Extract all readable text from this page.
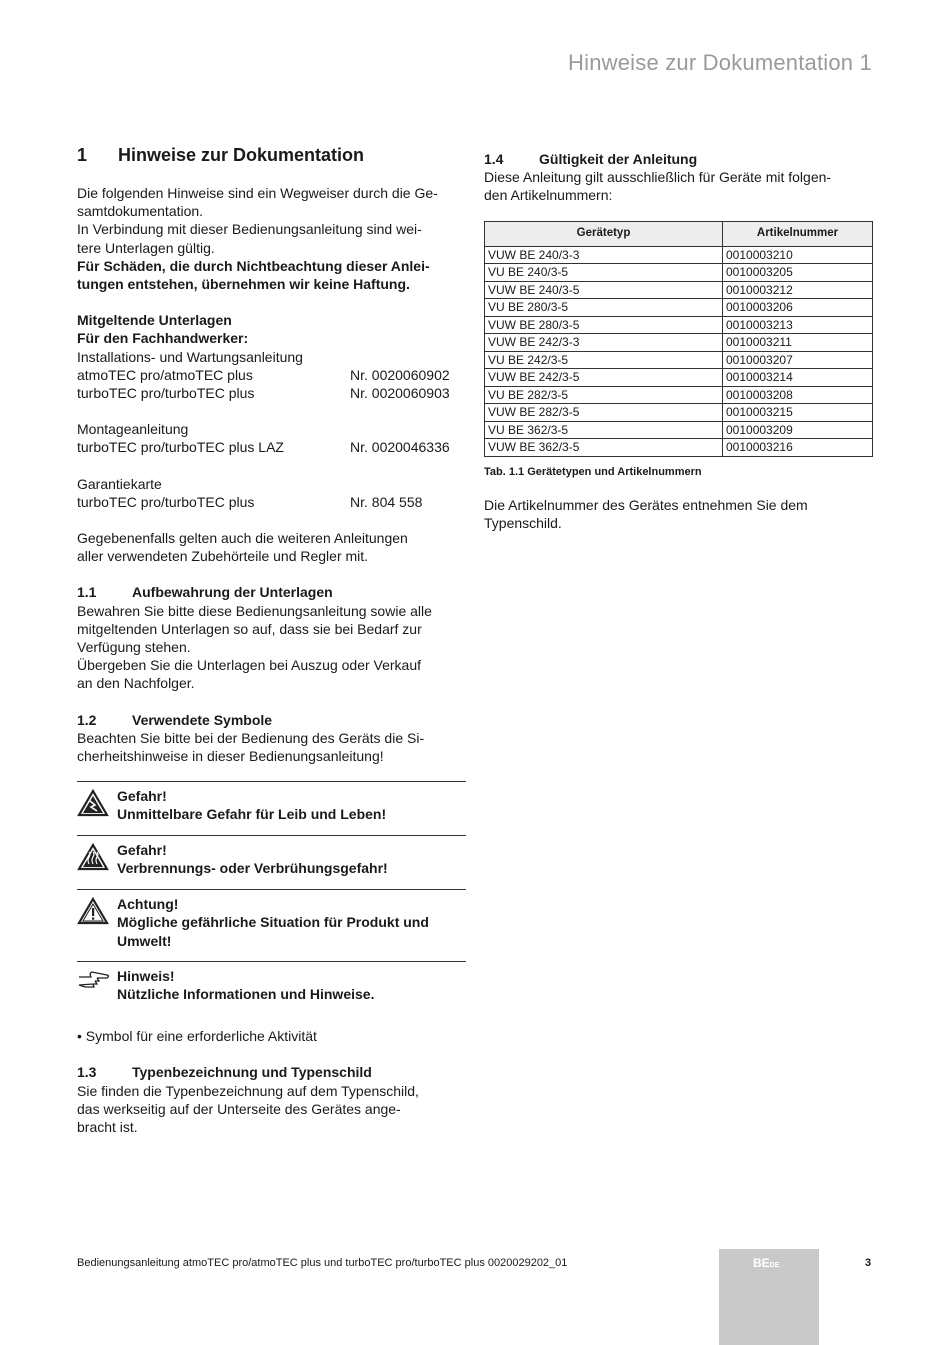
Hinweise zur Dokumentation 1
1	Hinweise zur Dokumentation

Die folgenden Hinweise sind ein Wegweiser durch die Ge-

samtdokumentation.

In Verbindung mit dieser Bedienungsanleitung sind wei-

tere Unterlagen gültig.

Für Schäden, die durch Nichtbeachtung dieser Anlei-

tungen entstehen, übernehmen wir keine Haftung.

Mitgeltende Unterlagen

Für den Fachhandwerker:

Installations- und Wartungsanleitung

atmoTEC pro/atmoTEC plus	Nr. 0020060902
turboTEC pro/turboTEC plus	Nr. 0020060903

Montageanleitung

turboTEC pro/turboTEC plus LAZ	Nr. 0020046336

Garantiekarte

turboTEC pro/turboTEC plus	Nr. 804 558

Gegebenenfalls gelten auch die weiteren Anleitungen

aller verwendeten Zubehörteile und Regler mit.

1.1	Aufbewahrung der Unterlagen

Bewahren Sie bitte diese Bedienungsanleitung sowie alle

mitgeltenden Unterlagen so auf, dass sie bei Bedarf zur

Verfügung stehen.

Übergeben Sie die Unterlagen bei Auszug oder Verkauf

an den Nachfolger.

1.2	Verwendete Symbole

Beachten Sie bitte bei der Bedienung des Geräts die Si-

cherheitshinweise in dieser Bedienungsanleitung!

Gefahr!
Unmittelbare Gefahr für Leib und Leben!
Gefahr!
Verbrennungs- oder Verbrühungsgefahr!
Achtung!
Mögliche gefährliche Situation für Produkt und
Umwelt!
Hinweis!
Nützliche Informationen und Hinweise.

• Symbol für eine erforderliche Aktivität

1.3	Typenbezeichnung und Typenschild

Sie finden die Typenbezeichnung auf dem Typenschild,

das werkseitig auf der Unterseite des Gerätes ange-

bracht ist.

1.4	Gültigkeit der Anleitung

Diese Anleitung gilt ausschließlich für Geräte mit folgen-

den Artikelnummern:

Gerätetyp	Artikelnummer
VUW BE 240/3-3	0010003210
VU BE 240/3-5	0010003205
VUW BE 240/3-5	0010003212
VU BE 280/3-5	0010003206
VUW BE 280/3-5	0010003213
VUW BE 242/3-3	0010003211
VU BE 242/3-5	0010003207
VUW BE 242/3-5	0010003214
VU BE 282/3-5	0010003208
VUW BE 282/3-5	0010003215
VU BE 362/3-5	0010003209
VUW BE 362/3-5	0010003216
Tab. 1.1 Gerätetypen und Artikelnummern

Die Artikelnummer des Gerätes entnehmen Sie dem

Typenschild.

Bedienungsanleitung atmoTEC pro/atmoTEC plus und turboTEC pro/turboTEC plus 0020029202_01	BEDE	3
